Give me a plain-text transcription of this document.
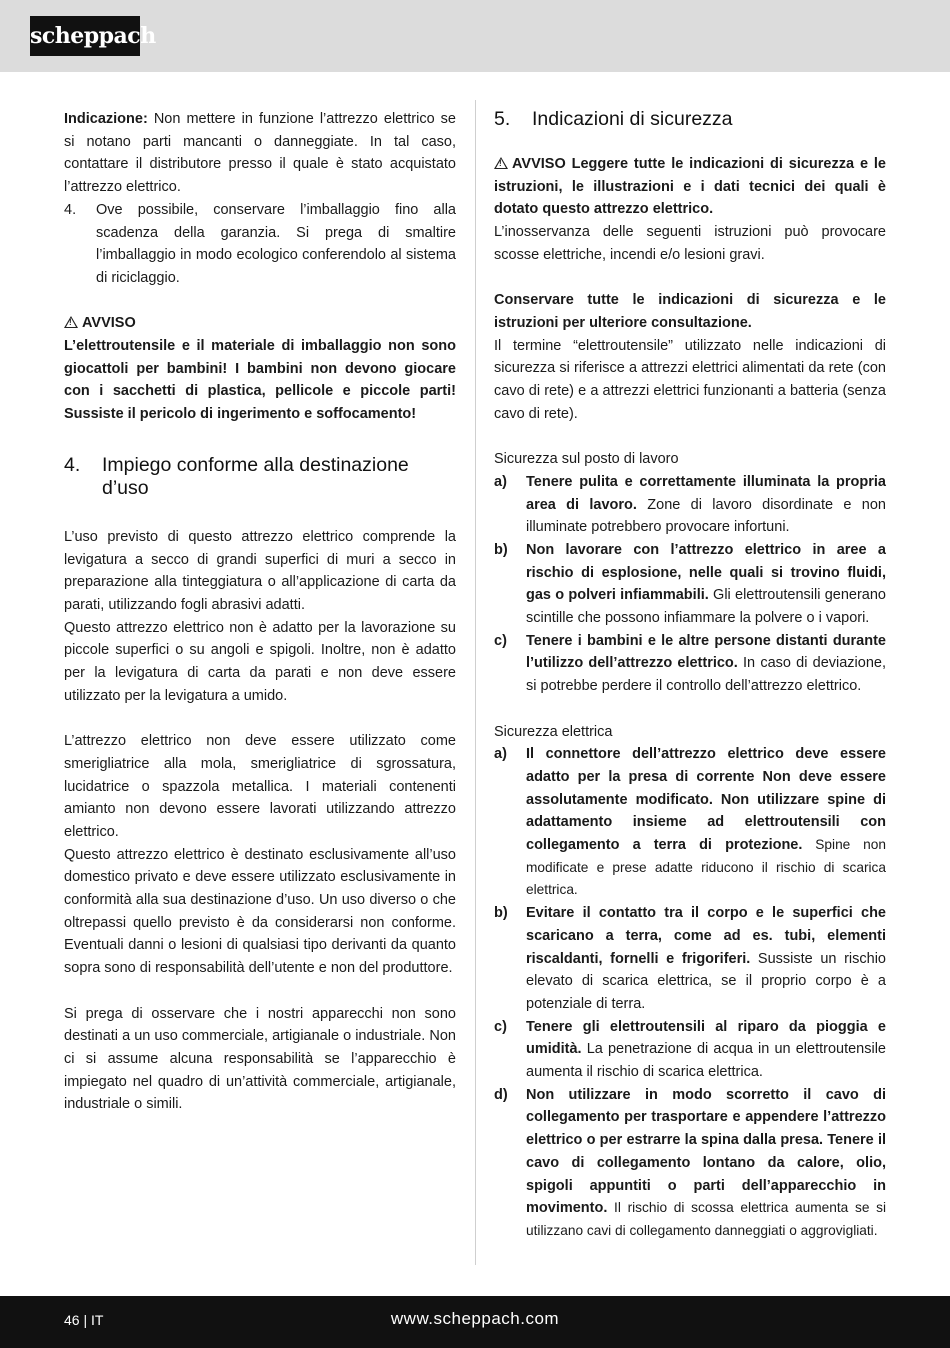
scheppach

Indicazione: Non mettere in funzione l’attrezzo elettrico se si notano parti mancanti o danneggiate. In tal caso, contattare il distributore presso il quale è stato acquistato l’attrezzo elettrico.

4.	Ove possibile, conservare l’imballaggio fino alla scadenza della garanzia. Si prega di smaltire l’imballaggio in modo ecologico conferendolo al sistema di riciclaggio.

!AVVISO

L’elettroutensile e il materiale di imballaggio non sono giocattoli per bambini! I bambini non devono giocare con i sacchetti di plastica, pellicole e piccole parti! Sussiste il pericolo di ingerimento e soffocamento!

4.	Impiego conforme alla destinazione d’uso

L’uso previsto di questo attrezzo elettrico comprende la levigatura a secco di grandi superfici di muri a secco in preparazione alla tinteggiatura o all’applicazione di carta da parati, utilizzando fogli abrasivi adatti.

Questo attrezzo elettrico non è adatto per la lavorazione su piccole superfici o su angoli e spigoli. Inoltre, non è adatto per la levigatura di carta da parati e non deve essere utilizzato per la levigatura a umido.

L’attrezzo elettrico non deve essere utilizzato come smerigliatrice alla mola, smerigliatrice di sgrossatura, lucidatrice o spazzola metallica. I materiali contenenti amianto non devono essere lavorati utilizzando attrezzo elettrico.

Questo attrezzo elettrico è destinato esclusivamente all’uso domestico privato e deve essere utilizzato esclusivamente in conformità alla sua destinazione d’uso. Un uso diverso o che oltrepassi quello previsto è da considerarsi non conforme. Eventuali danni o lesioni di qualsiasi tipo derivanti da quanto sopra sono di responsabilità dell’utente e non del produttore.

Si prega di osservare che i nostri apparecchi non sono destinati a un uso commerciale, artigianale o industriale. Non ci si assume alcuna responsabilità se l’apparecchio è impiegato nel quadro di un’attività commerciale, artigianale, industriale o simili.

5.	Indicazioni di sicurezza

!AVVISO Leggere tutte le indicazioni di sicurezza e le istruzioni, le illustrazioni e i dati tecnici dei quali è dotato questo attrezzo elettrico.

L’inosservanza delle seguenti istruzioni può provocare scosse elettriche, incendi e/o lesioni gravi.

Conservare tutte le indicazioni di sicurezza e le istruzioni per ulteriore consultazione.

Il termine “elettroutensile” utilizzato nelle indicazioni di sicurezza si riferisce a attrezzi elettrici alimentati da rete (con cavo di rete) e a attrezzi elettrici funzionanti a batteria (senza cavo di rete).

Sicurezza sul posto di lavoro

a)	Tenere pulita e correttamente illuminata la propria area di lavoro. Zone di lavoro disordinate e non illuminate potrebbero provocare infortuni.
b)	Non lavorare con l’attrezzo elettrico in aree a rischio di esplosione, nelle quali si trovino fluidi, gas o polveri infiammabili. Gli elettroutensili generano scintille che possono infiammare la polvere o i vapori.
c)	Tenere i bambini e le altre persone distanti durante l’utilizzo dell’attrezzo elettrico. In caso di deviazione, si potrebbe perdere il controllo dell’attrezzo elettrico.

Sicurezza elettrica

a)	Il connettore dell’attrezzo elettrico deve essere adatto per la presa di corrente Non deve essere assolutamente modificato. Non utilizzare spine di adattamento insieme ad elettroutensili con collegamento a terra di protezione. Spine non modificate e prese adatte riducono il rischio di scarica elettrica.
b)	Evitare il contatto tra il corpo e le superfici che scaricano a terra, come ad es. tubi, elementi riscaldanti, fornelli e frigoriferi. Sussiste un rischio elevato di scarica elettrica, se il proprio corpo è a potenziale di terra.
c)	Tenere gli elettroutensili al riparo da pioggia e umidità. La penetrazione di acqua in un elettroutensile aumenta il rischio di scarica elettrica.
d)	Non utilizzare in modo scorretto il cavo di collegamento per trasportare e appendere l’attrezzo elettrico o per estrarre la spina dalla presa. Tenere il cavo di collegamento lontano da calore, olio, spigoli appuntiti o parti dell’apparecchio in movimento. Il rischio di scossa elettrica aumenta se si utilizzano cavi di collegamento danneggiati o aggrovigliati.
46 | IT	www.scheppach.com
